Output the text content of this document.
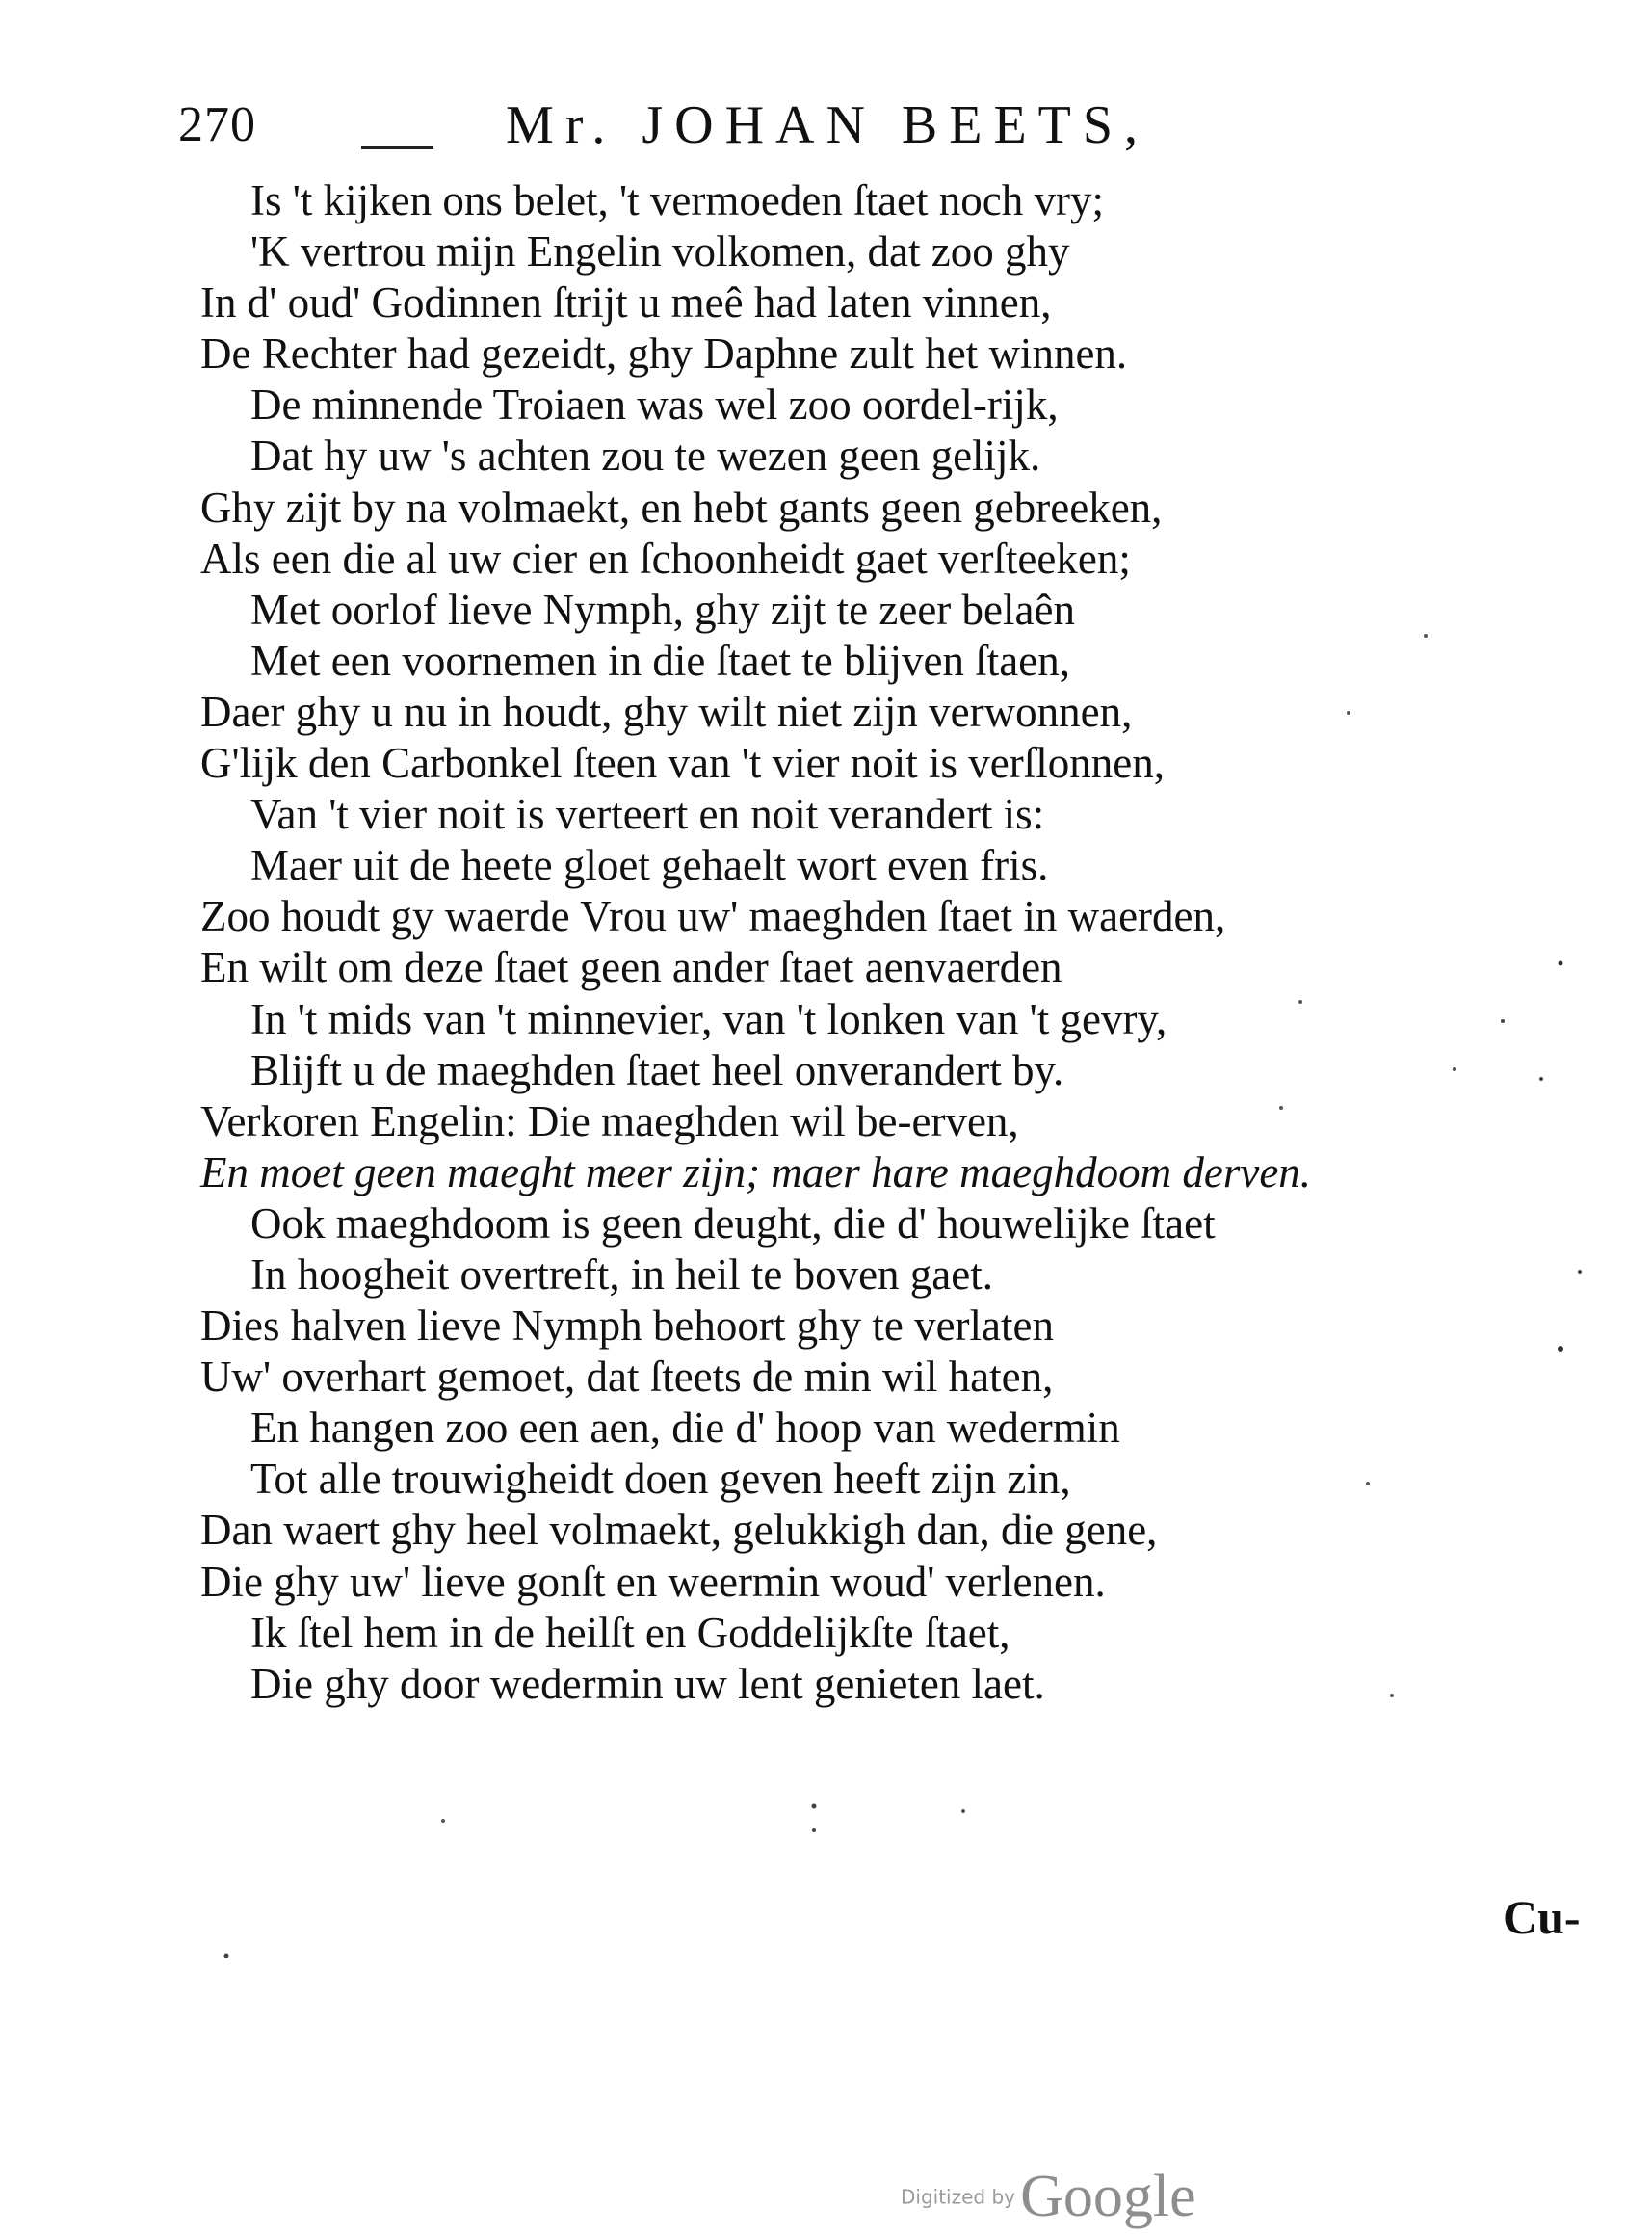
270	Mr. JOHAN BEETS,
Is 't kijken ons belet, 't vermoeden ſtaet noch vry;
'K vertrou mijn Engelin volkomen, dat zoo ghy
In d' oud' Godinnen ſtrijt u meê had laten vinnen,
De Rechter had gezeidt, ghy Daphne zult het winnen.
De minnende Troiaen was wel zoo oordel-rijk,
Dat hy uw 's achten zou te wezen geen gelijk.
Ghy zijt by na volmaekt, en hebt gants geen gebreeken,
Als een die al uw cier en ſchoonheidt gaet verſteeken;
Met oorlof lieve Nymph, ghy zijt te zeer belaên
Met een voornemen in die ſtaet te blijven ſtaen,
Daer ghy u nu in houdt, ghy wilt niet zijn verwonnen,
G'lijk den Carbonkel ſteen van 't vier noit is verſlonnen,
Van 't vier noit is verteert en noit verandert is:
Maer uit de heete gloet gehaelt wort even fris.
Zoo houdt gy waerde Vrou uw' maeghden ſtaet in waerden,
En wilt om deze ſtaet geen ander ſtaet aenvaerden
In 't mids van 't minnevier, van 't lonken van 't gevry,
Blijft u de maeghden ſtaet heel onverandert by.
Verkoren Engelin: Die maeghden wil be-erven,
En moet geen maeght meer zijn; maer hare maeghdoom derven.
Ook maeghdoom is geen deught, die d' houwelijke ſtaet
In hoogheit overtreft, in heil te boven gaet.
Dies halven lieve Nymph behoort ghy te verlaten
Uw' overhart gemoet, dat ſteets de min wil haten,
En hangen zoo een aen, die d' hoop van wedermin
Tot alle trouwigheidt doen geven heeft zijn zin,
Dan waert ghy heel volmaekt, gelukkigh dan, die gene,
Die ghy uw' lieve gonſt en weermin woud' verlenen.
Ik ſtel hem in de heilſt en Goddelijkſte ſtaet,
Die ghy door wedermin uw lent genieten laet.
Cu-
Digitized by Google
